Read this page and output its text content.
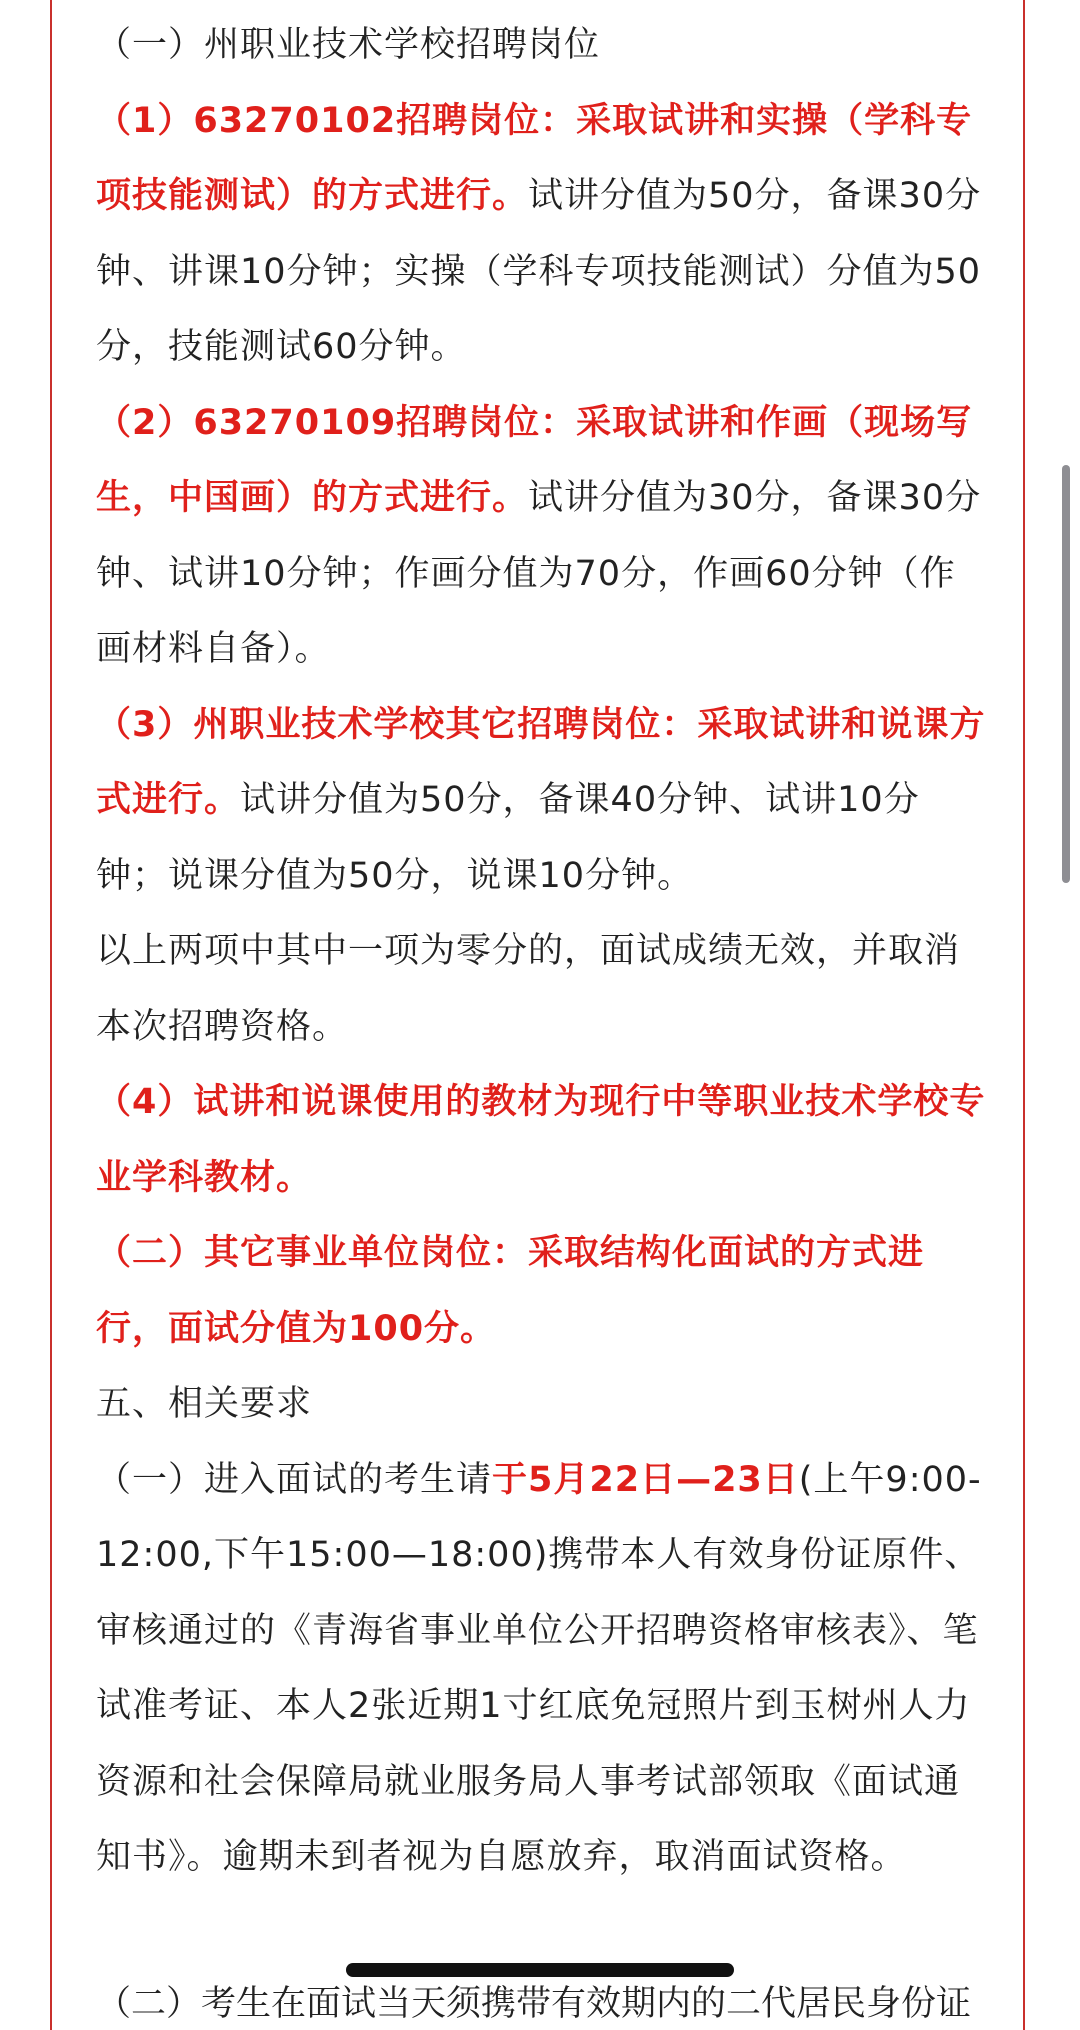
（一）州职业技术学校招聘岗位

（1）63270102招聘岗位：采取试讲和实操（学科专项技能测试）的方式进行。试讲分值为50分，备课30分钟、讲课10分钟；实操（学科专项技能测试）分值为50分，技能测试60分钟。

（2）63270109招聘岗位：采取试讲和作画（现场写生，中国画）的方式进行。试讲分值为30分，备课30分钟、试讲10分钟；作画分值为70分，作画60分钟（作画材料自备）。

（3）州职业技术学校其它招聘岗位：采取试讲和说课方式进行。试讲分值为50分，备课40分钟、试讲10分钟；说课分值为50分，说课10分钟。

以上两项中其中一项为零分的，面试成绩无效，并取消本次招聘资格。

（4）试讲和说课使用的教材为现行中等职业技术学校专业学科教材。

（二）其它事业单位岗位：采取结构化面试的方式进行，面试分值为100分。

五、相关要求

（一）进入面试的考生请于5月22日—23日(上午9:00-12:00,下午15:00—18:00)携带本人有效身份证原件、审核通过的《青海省事业单位公开招聘资格审核表》、笔试准考证、本人2张近期1寸红底免冠照片到玉树州人力资源和社会保障局就业服务局人事考试部领取《面试通知书》。逾期未到者视为自愿放弃，取消面试资格。

（二）考生在面试当天须携带有效期内的二代居民身份证
